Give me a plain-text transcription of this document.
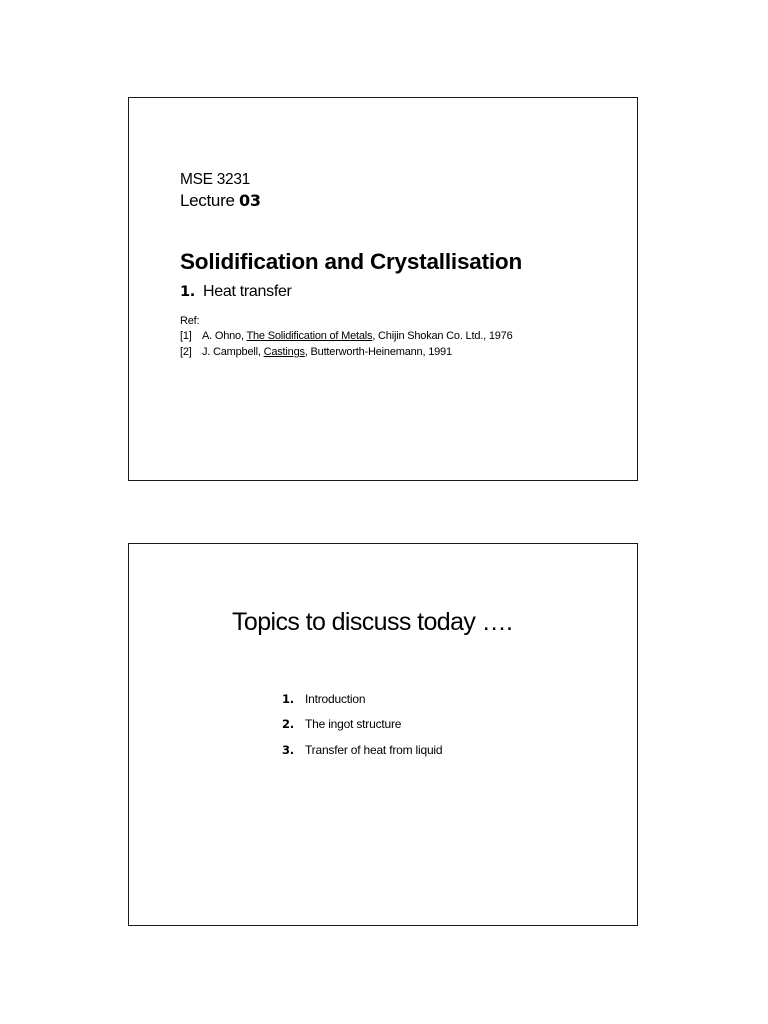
MSE 3231
Lecture 03
Solidification and Crystallisation
1. Heat transfer
Ref:
[1] A. Ohno, The Solidification of Metals, Chijin Shokan Co. Ltd., 1976
[2] J. Campbell, Castings, Butterworth-Heinemann, 1991
Topics to discuss today ….
1. Introduction
2. The ingot structure
3. Transfer of heat from liquid
